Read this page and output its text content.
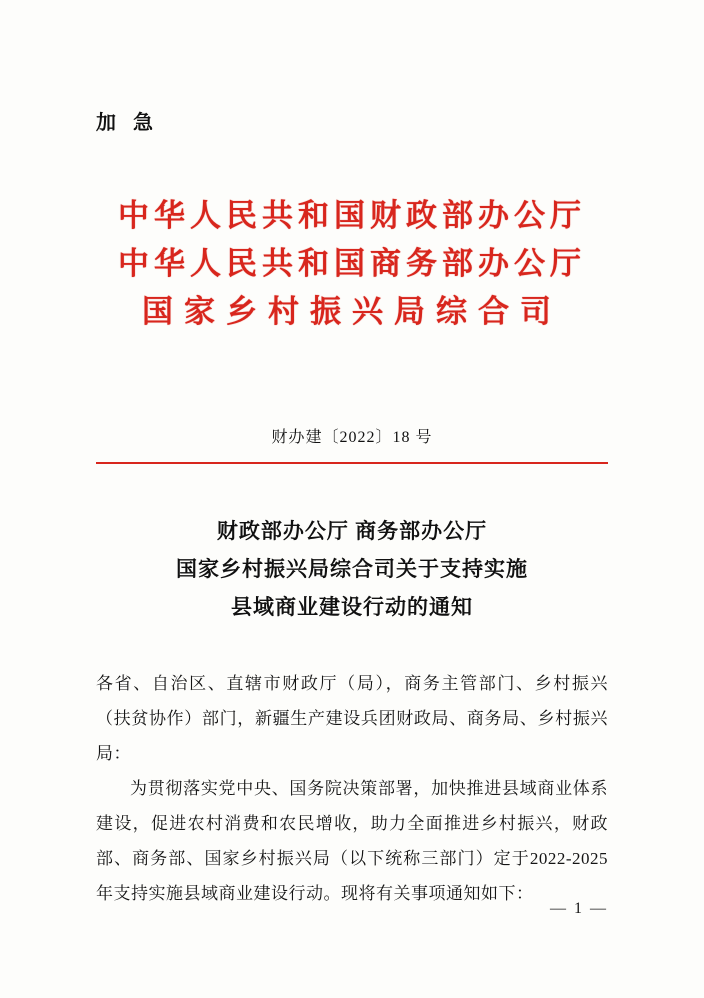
加 急
中华人民共和国财政部办公厅
中华人民共和国商务部办公厅
国家乡村振兴局综合司
财办建〔2022〕18 号
财政部办公厅 商务部办公厅
国家乡村振兴局综合司关于支持实施
县域商业建设行动的通知

各省、自治区、直辖市财政厅（局），商务主管部门、乡村振兴（扶贫协作）部门，新疆生产建设兵团财政局、商务局、乡村振兴局：

为贯彻落实党中央、国务院决策部署，加快推进县域商业体系建设，促进农村消费和农民增收，助力全面推进乡村振兴，财政部、商务部、国家乡村振兴局（以下统称三部门）定于2022-2025年支持实施县域商业建设行动。现将有关事项通知如下：

— 1 —
